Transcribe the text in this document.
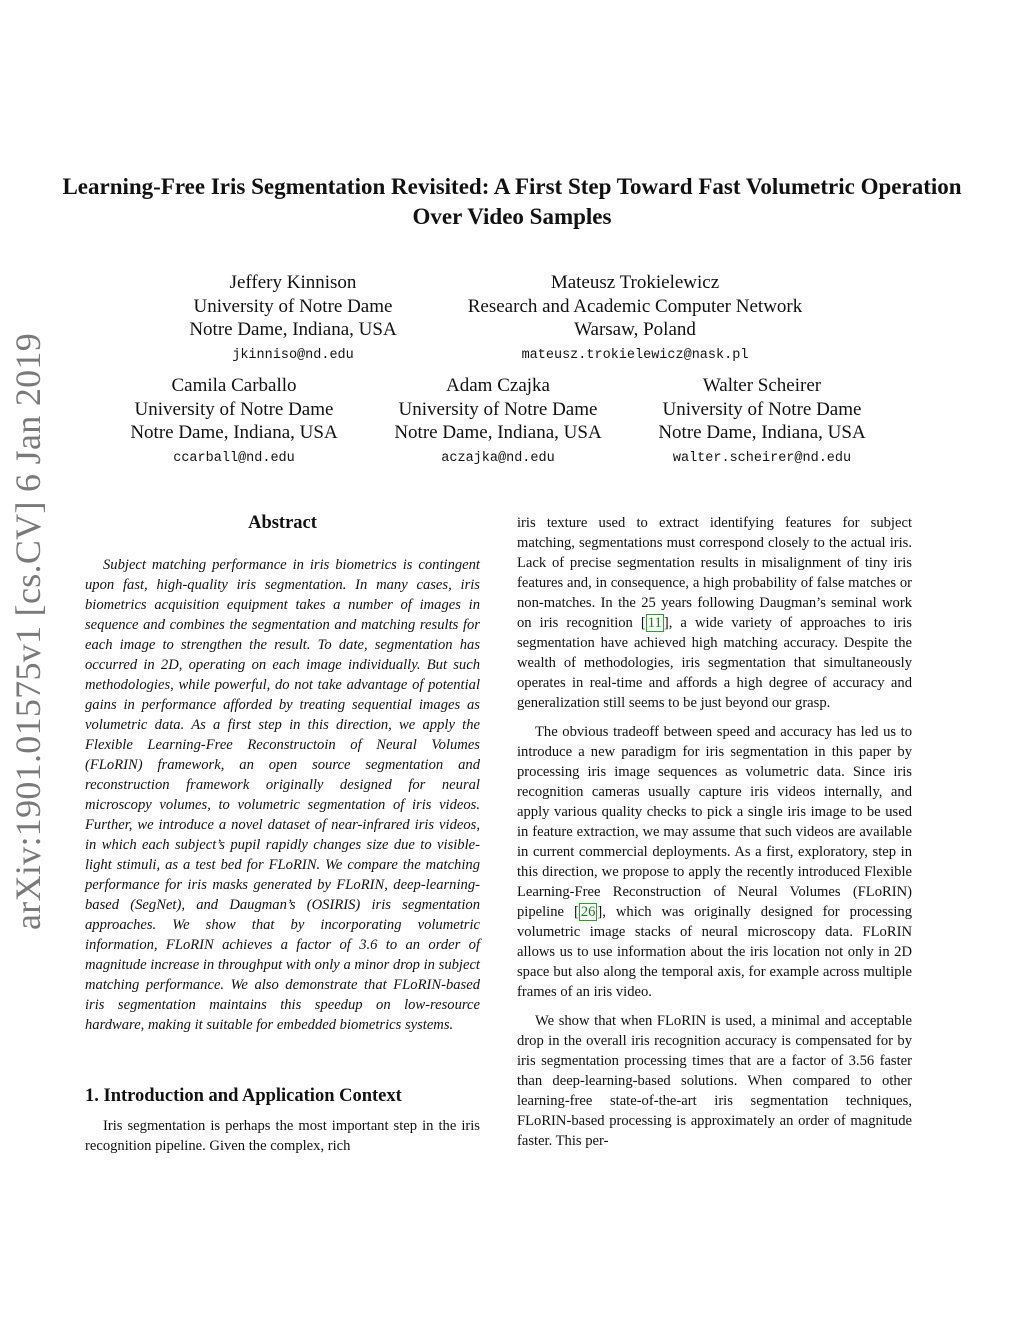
arXiv:1901.01575v1 [cs.CV] 6 Jan 2019
Learning-Free Iris Segmentation Revisited: A First Step Toward Fast Volumetric Operation Over Video Samples
Jeffery Kinnison
University of Notre Dame
Notre Dame, Indiana, USA
jkinniso@nd.edu
Mateusz Trokielewicz
Research and Academic Computer Network
Warsaw, Poland
mateusz.trokielewicz@nask.pl
Camila Carballo
University of Notre Dame
Notre Dame, Indiana, USA
ccarball@nd.edu
Adam Czajka
University of Notre Dame
Notre Dame, Indiana, USA
aczajka@nd.edu
Walter Scheirer
University of Notre Dame
Notre Dame, Indiana, USA
walter.scheirer@nd.edu
Abstract

Subject matching performance in iris biometrics is contingent upon fast, high-quality iris segmentation. In many cases, iris biometrics acquisition equipment takes a number of images in sequence and combines the segmentation and matching results for each image to strengthen the result. To date, segmentation has occurred in 2D, operating on each image individually. But such methodologies, while powerful, do not take advantage of potential gains in performance afforded by treating sequential images as volumetric data. As a first step in this direction, we apply the Flexible Learning-Free Reconstructoin of Neural Volumes (FLoRIN) framework, an open source segmentation and reconstruction framework originally designed for neural microscopy volumes, to volumetric segmentation of iris videos. Further, we introduce a novel dataset of near-infrared iris videos, in which each subject’s pupil rapidly changes size due to visible-light stimuli, as a test bed for FLoRIN. We compare the matching performance for iris masks generated by FLoRIN, deep-learning-based (SegNet), and Daugman’s (OSIRIS) iris segmentation approaches. We show that by incorporating volumetric information, FLoRIN achieves a factor of 3.6 to an order of magnitude increase in throughput with only a minor drop in subject matching performance. We also demonstrate that FLoRIN-based iris segmentation maintains this speedup on low-resource hardware, making it suitable for embedded biometrics systems.

1. Introduction and Application Context

Iris segmentation is perhaps the most important step in the iris recognition pipeline. Given the complex, rich

iris texture used to extract identifying features for subject matching, segmentations must correspond closely to the actual iris. Lack of precise segmentation results in misalignment of tiny iris features and, in consequence, a high probability of false matches or non-matches. In the 25 years following Daugman’s seminal work on iris recognition [ 11 ], a wide variety of approaches to iris segmentation have achieved high matching accuracy. Despite the wealth of methodologies, iris segmentation that simultaneously operates in real-time and affords a high degree of accuracy and generalization still seems to be just beyond our grasp.

The obvious tradeoff between speed and accuracy has led us to introduce a new paradigm for iris segmentation in this paper by processing iris image sequences as volumetric data. Since iris recognition cameras usually capture iris videos internally, and apply various quality checks to pick a single iris image to be used in feature extraction, we may assume that such videos are available in current commercial deployments. As a first, exploratory, step in this direction, we propose to apply the recently introduced Flexible Learning-Free Reconstruction of Neural Volumes (FLoRIN) pipeline [ 26 ], which was originally designed for processing volumetric image stacks of neural microscopy data. FLoRIN allows us to use information about the iris location not only in 2D space but also along the temporal axis, for example across multiple frames of an iris video.

We show that when FLoRIN is used, a minimal and acceptable drop in the overall iris recognition accuracy is compensated for by iris segmentation processing times that are a factor of 3.56 faster than deep-learning-based solutions. When compared to other learning-free state-of-the-art iris segmentation techniques, FLoRIN-based processing is approximately an order of magnitude faster. This per-
